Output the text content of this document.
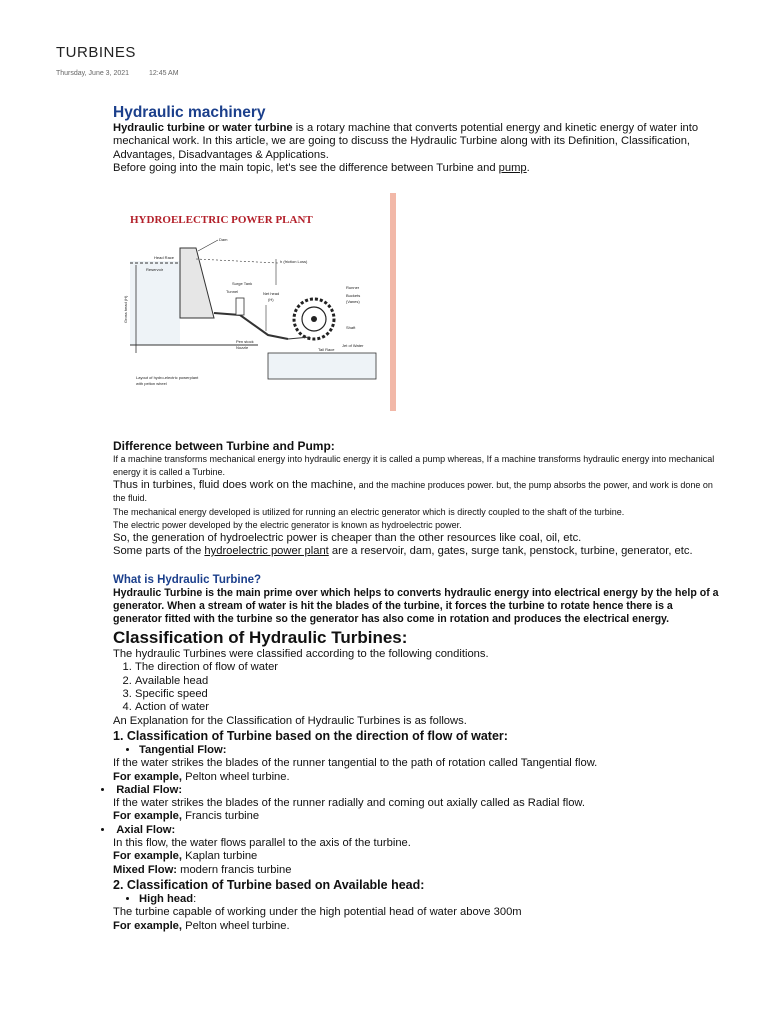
TURBINES
Thursday, June 3, 2021	12:45 AM
Hydraulic machinery

Hydraulic turbine or water turbine is a rotary machine that converts potential energy and kinetic energy of water into mechanical work. In this article, we are going to discuss the Hydraulic Turbine along with its Definition, Classification, Advantages, Disadvantages & Applications.

Before going into the main topic, let's see the difference between Turbine and pump.

HYDROELECTRIC POWER PLANT
Gross head (H)
Dam
Head Race
Reservoir
h (friction Loss)
Surge Tank
Tunnel	Net head
(H)
Pen stock
Nozzle
Runner
Buckets
(Vanes)
Shaft
Jet of Water
Tail Race
Layout of hydro-electric powerplant
with pelton wheel
Difference between Turbine and Pump:

If a machine transforms mechanical energy into hydraulic energy it is called a pump whereas, If a machine transforms hydraulic energy into mechanical energy it is called a Turbine.

Thus in turbines, fluid does work on the machine, and the machine produces power. but, the pump absorbs the power, and work is done on the fluid.

The mechanical energy developed is utilized for running an electric generator which is directly coupled to the shaft of the turbine.

The electric power developed by the electric generator is known as hydroelectric power.

So, the generation of hydroelectric power is cheaper than the other resources like coal, oil, etc.

Some parts of the hydroelectric power plant are a reservoir, dam, gates, surge tank, penstock, turbine, generator, etc.

What is Hydraulic Turbine?

Hydraulic Turbine is the main prime over which helps to converts hydraulic energy into electrical energy by the help of a generator. When a stream of water is hit the blades of the turbine, it forces the turbine to rotate hence there is a generator fitted with the turbine so the generator has also come in rotation and produces the electrical energy.

Classification of Hydraulic Turbines:

The hydraulic Turbines were classified according to the following conditions.

1. The direction of flow of water
2. Available head
3. Specific speed
4. Action of water

An Explanation for the Classification of Hydraulic Turbines is as follows.

1. Classification of Turbine based on the direction of flow of water:
• Tangential Flow:

If the water strikes the blades of the runner tangential to the path of rotation called Tangential flow.

For example, Pelton wheel turbine.

• Radial Flow:

If the water strikes the blades of the runner radially and coming out axially called as Radial flow.

For example, Francis turbine

• Axial Flow:

In this flow, the water flows parallel to the axis of the turbine.

For example, Kaplan turbine

Mixed Flow: modern francis turbine

2. Classification of Turbine based on Available head:
• High head:

The turbine capable of working under the high potential head of water above 300m

For example, Pelton wheel turbine.
